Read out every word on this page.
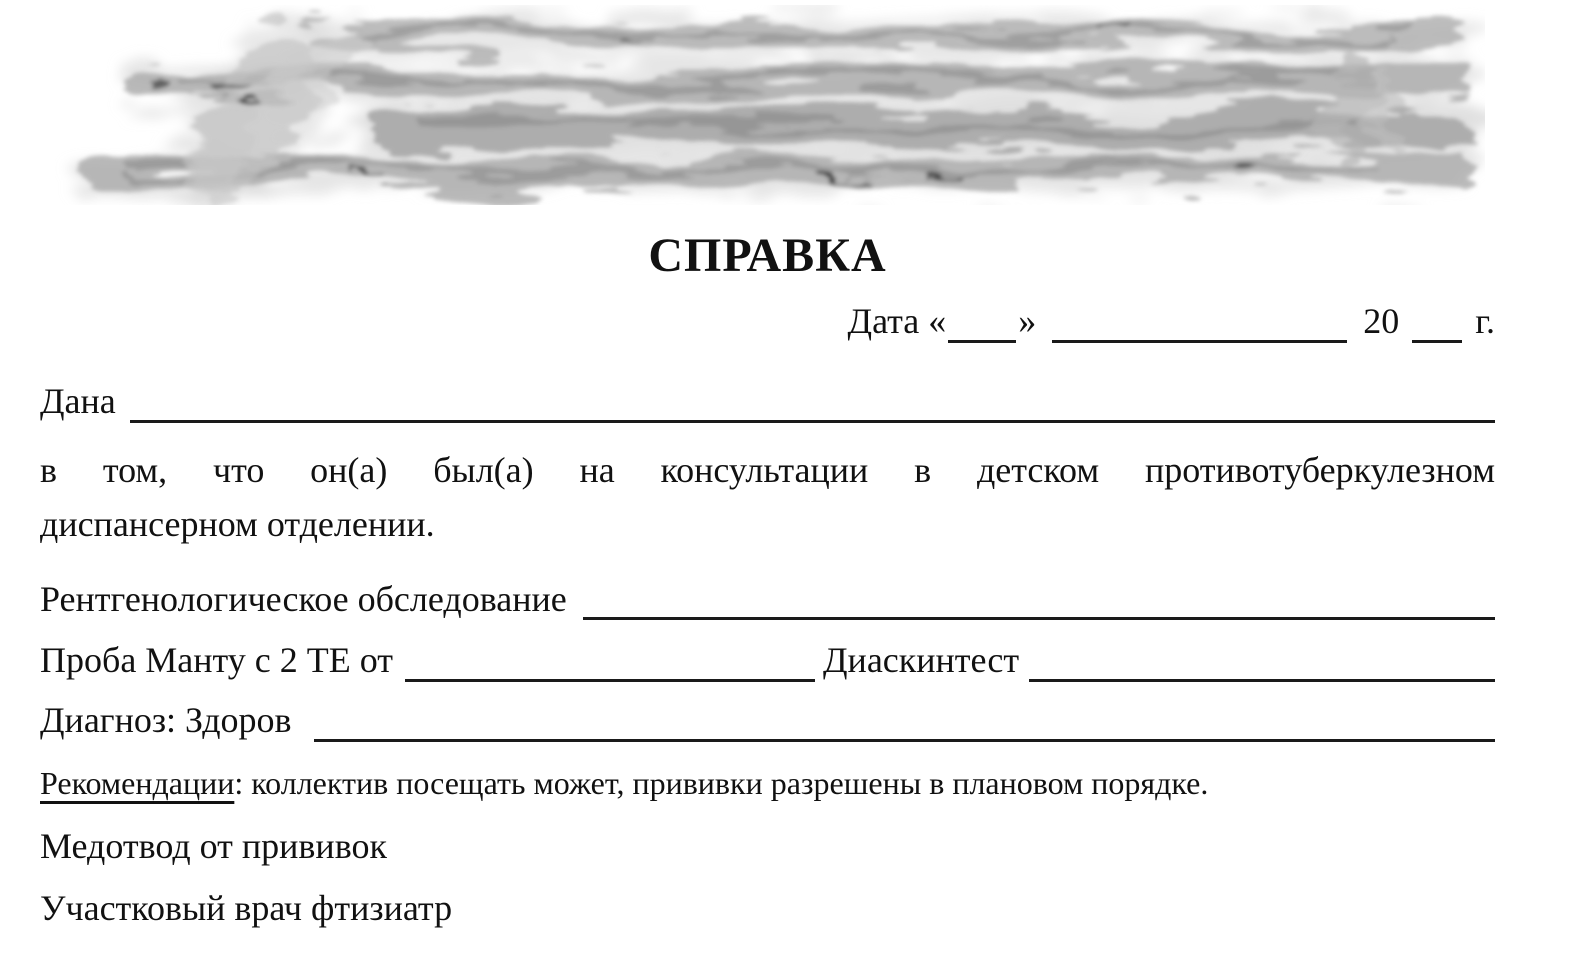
СПРАВКА
Дата « »	20 г.
Дана
в том, что он(а) был(а) на консультации в детском противотуберкулезном
диспансерном отделении.
Рентгенологическое обследование
Проба Манту с 2 ТЕ от	Диаскинтест
Диагноз: Здоров
Рекомендации: коллектив посещать может, прививки разрешены в плановом порядке.
Медотвод от прививок
Участковый врач фтизиатр
